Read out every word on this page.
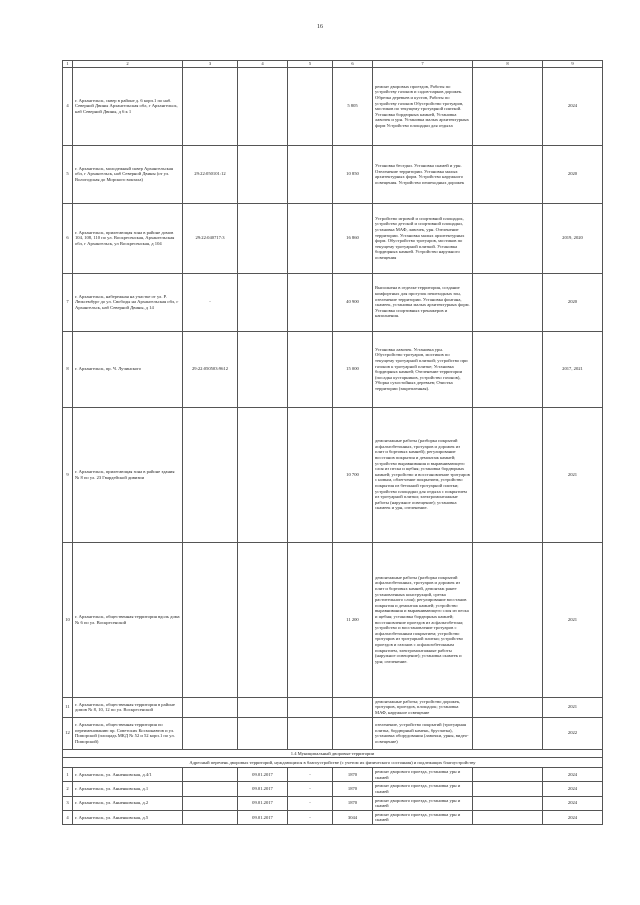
16
1	2	3	4	5	6	7	8	9
4	г. Архангельск, сквер в районе д. 6 корп.1 по наб. Северной Двины Архангельская обл, г Архангельск, наб Северной Двины, д 6 к 1				5 805	ремонт дворовых проездов, Работы по устройству газонов и садов-парков дорожек. Обрезка деревьев и кустов, Работы по устройству газонов Обустройство тротуаров, мостиков по текущему тротуарной плиткой. Установка бордюрных камней, Установка лавочек и урн. Установка малых архитектурных форм Устройство площадки для отдыха		2024
5	г. Архангельск, молодежный сквер Архангельская обл, г Архангельск, наб Северной Двины (от ул. Вологодская до Морского вокзала)	29:22:050101:12			10 850	Установка беседки. Установка скамей и урн. Озеленение территории. Установка малых архитектурных форм. Устройство наружного освещения. Устройство пешеходных дорожек		2020
6	г. Архангельск, прилегающая зона в районе домов 104, 108, 110 по ул. Воскресенская, Архангельская обл, г Архангельск, ул Воскресенская, д 104	29:22:040717:3			16 860	Устройство игровой и спортивной площадок, устройство детской и спортивной площадки, установка МАФ, лавочек, урн. Озеленение территории. Установка малых архитектурных форм. Обустройство тротуаров, мостиков по текущему тротуарной плиткой. Установка бордюрных камней. Устройство наружного освещения		2019, 2020
7	г. Архангельск, набережная на участке от ул. Р. Люксембург до ул. Свободы на Архангельская обл, г Архангельск, наб Северной Двины, д 14	-			40 900	Выполнена в отделке территория, создание комфортных для прогулок пешеходных зон, озеленение территории. Установка фонтана, скамеек, установка малых архитектурных форм. Установка спортивных тренажеров и наполнения.		2020
8	г. Архангельск, пр. Ч. Лучинского	29:22:050503:9612			15 000	Установка лавочек. Установка урн. Обустройство тротуаров, мостиков по текущему тротуарной плиткой; устройство при газонов к тротуарной плитке; Установка бордюрных камней; Озеленение территории (посадка кустарников, устройство газонов), Уборка сухостойных деревьев; Очистка территории (закрепленная).		2017, 2021
9	г. Архангельск, прилегающая зона в районе здания № 8 по ул. 23 Гвардейской дивизии				10 700	демонтажные работы (разборка покрытий асфальтобетонных, тротуаров и дорожек из плит и бортовых камней); регулирование восстанов покрытия и демонтаж камней; устройство выравнивания и выравнивающего слоя из песка и щебня; установка бордюрных камней; устройство и восстановление тротуаров с новым, облегчение покрытием, устройство покрытия из бетонной тротуарной плитки; устройство площадки для отдыха с покрытием из тротуарной плитки; электромонтажные работы (наружное освещение); установка скамеек и урн, озеленение.		2021
10	г. Архангельск, общественная территория вдоль дома № 6 по ул. Воскресенской				11 200	демонтажные работы (разборка покрытий асфальтобетонных, тротуаров и дорожек из плит и бортовых камней, демонтаж ранее установленных конструкций, срезка растительного слоя); регулирование восстанов покрытия и демонтаж камней; устройство выравнивания и выравнивающего слоя из песка и щебня; установка бордюрных камней; восстановление проездов из асфальтобетона; устройство и восстановление тротуаров с асфальтобетонным покрытием; устройство тротуаров из тротуарной плитки; устройство проездов и газонов с асфальтобетонным покрытием, электромонтажные работы (наружное освещение); установка скамеек и урн; озеленение.		2021
11	г. Архангельск, общественная территория в районе домов № 8, 10, 12 по ул. Воскресенской					демонтажные работы; устройство дорожек, тротуаров, проездов, площадок; установка МАФ, наружное освещение		2021
12	г. Архангельск, общественная территория по переименованию пр. Советских Космонавтов и ул. Поморской (площадь МКД № 52 и 52 корп.1 по ул. Поморской)					озеленение, устройство покрытий (тротуарная плитка, бордюрный камень, брусчатка), установка оборудования (лавочки, урны, видео-освещение)		2022
1.4 Муниципальный дворовые территории								
Адресный перечень дворовых территорий, нуждающихся в благоустройстве (с учетом их физического состояния) и подлежащих благоустройству								
1	г. Архангельск, ул. Анненковская, д.4/1		09.01.2017	-	1870	ремонт дворового проезда, установка урн и скамей		2024
2	г. Архангельск, ул. Анненковская, д.1		09.01.2017	-	1870	ремонт дворового проезда, установка урн и скамей		2024
3	г. Архангельск, ул. Анненковская, д.2		09.01.2017	-	1870	ремонт дворового проезда, установка урн и скамей		2024
4	г. Архангельск, ул. Анненковская, д.5		09.01.2017	-	3044	ремонт дворового проезда, установка урн и скамей		2024
